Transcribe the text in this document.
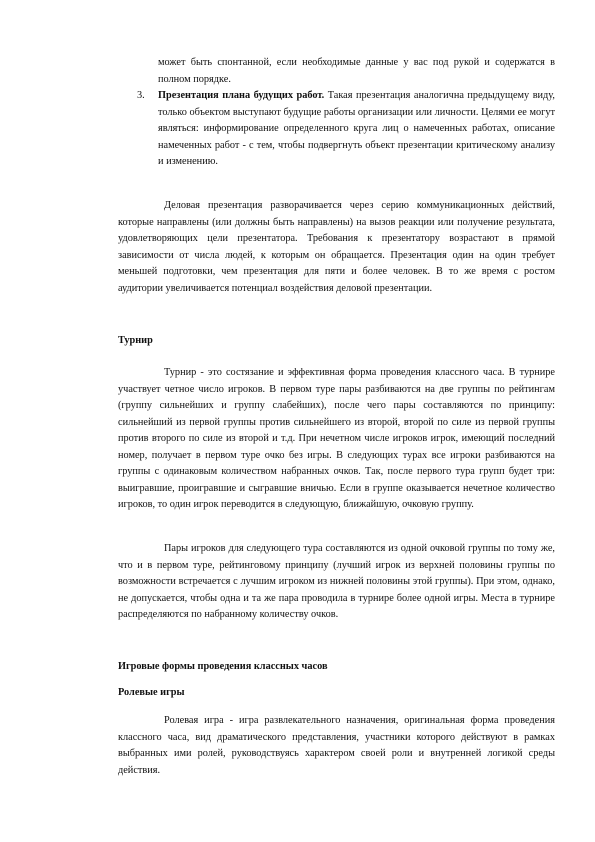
может быть спонтанной, если необходимые данные у вас под рукой и содержатся в полном порядке.

3. Презентация плана будущих работ. Такая презентация аналогична предыдущему виду, только объектом выступают будущие работы организации или личности. Целями ее могут являться: информирование определенного круга лиц о намеченных работах, описание намеченных работ - с тем, чтобы подвергнуть объект презентации критическому анализу и изменению.

Деловая презентация разворачивается через серию коммуникационных действий, которые направлены (или должны быть направлены) на вызов реакции или получение результата, удовлетворяющих цели презентатора. Требования к презентатору возрастают в прямой зависимости от числа людей, к которым он обращается. Презентация один на один требует меньшей подготовки, чем презентация для пяти и более человек. В то же время с ростом аудитории увеличивается потенциал воздействия деловой презентации.

Турнир

Турнир - это состязание и эффективная форма проведения классного часа. В турнире участвует четное число игроков. В первом туре пары разбиваются на две группы по рейтингам (группу сильнейших и группу слабейших), после чего пары составляются по принципу: сильнейший из первой группы против сильнейшего из второй, второй по силе из первой группы против второго по силе из второй и т.д. При нечетном числе игроков игрок, имеющий последний номер, получает в первом туре очко без игры. В следующих турах все игроки разбиваются на группы с одинаковым количеством набранных очков. Так, после первого тура групп будет три: выигравшие, проигравшие и сыгравшие вничью. Если в группе оказывается нечетное количество игроков, то один игрок переводится в следующую, ближайшую, очковую группу.

Пары игроков для следующего тура составляются из одной очковой группы по тому же, что и в первом туре, рейтинговому принципу (лучший игрок из верхней половины группы по возможности встречается с лучшим игроком из нижней половины этой группы). При этом, однако, не допускается, чтобы одна и та же пара проводила в турнире более одной игры. Места в турнире распределяются по набранному количеству очков.

Игровые формы проведения классных часов
Ролевые игры

Ролевая игра - игра развлекательного назначения, оригинальная форма проведения классного часа, вид драматического представления, участники которого действуют в рамках выбранных ими ролей, руководствуясь характером своей роли и внутренней логикой среды действия.
